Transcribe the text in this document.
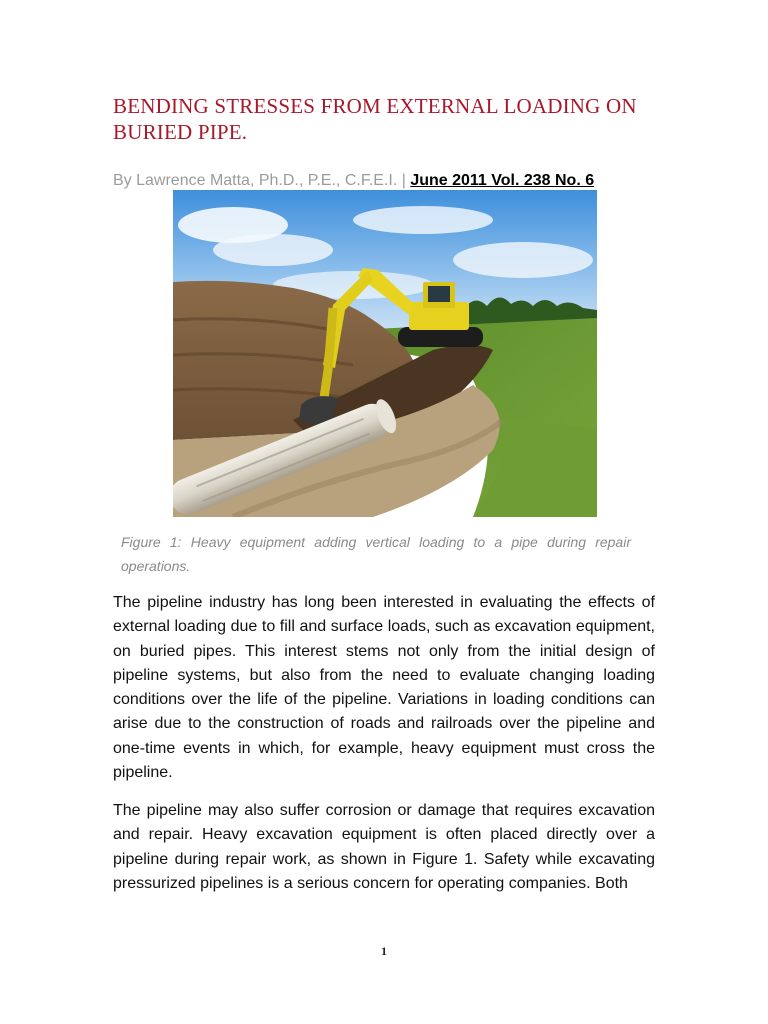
BENDING STRESSES FROM EXTERNAL LOADING ON BURIED PIPE.
By Lawrence Matta, Ph.D., P.E., C.F.E.I. | June 2011 Vol. 238 No. 6
Figure 1: Heavy equipment adding vertical loading to a pipe during repair operations.

The pipeline industry has long been interested in evaluating the effects of external loading due to fill and surface loads, such as excavation equipment, on buried pipes. This interest stems not only from the initial design of pipeline systems, but also from the need to evaluate changing loading conditions over the life of the pipeline. Variations in loading conditions can arise due to the construction of roads and railroads over the pipeline and one-time events in which, for example, heavy equipment must cross the pipeline.

The pipeline may also suffer corrosion or damage that requires excavation and repair. Heavy excavation equipment is often placed directly over a pipeline during repair work, as shown in Figure 1. Safety while excavating pressurized pipelines is a serious concern for operating companies. Both

1
